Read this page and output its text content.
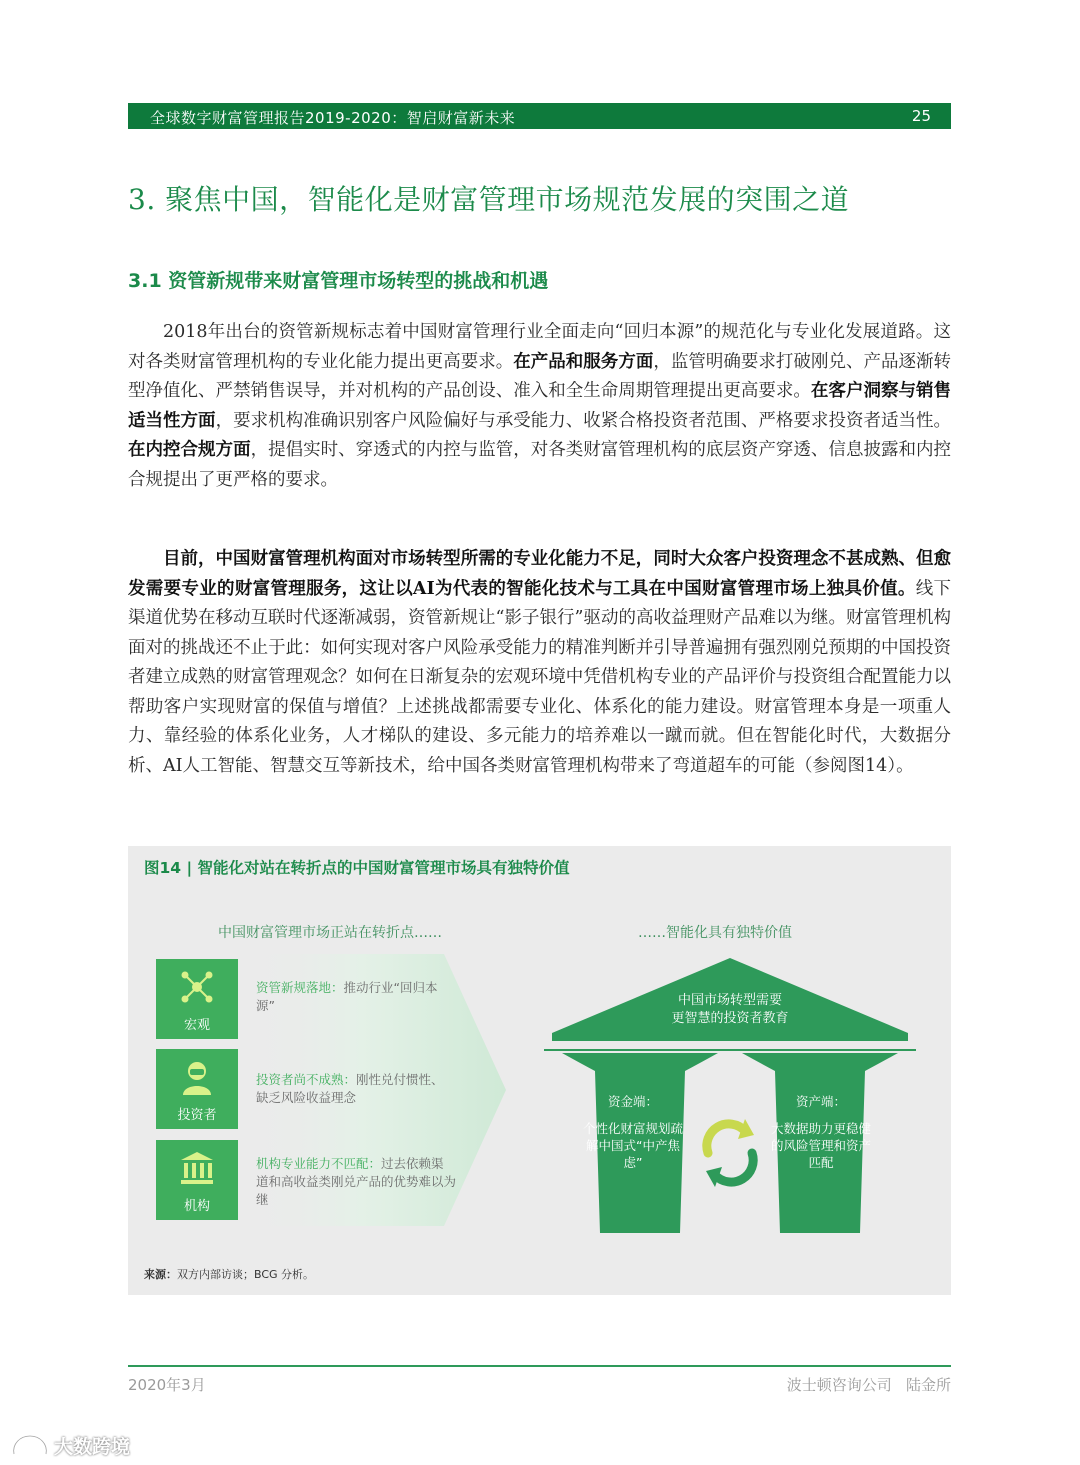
全球数字财富管理报告2019-2020：智启财富新未来	25
3. 聚焦中国，智能化是财富管理市场规范发展的突围之道
3.1 资管新规带来财富管理市场转型的挑战和机遇

2018年出台的资管新规标志着中国财富管理行业全面走向“回归本源”的规范化与专业化发展道路。这对各类财富管理机构的专业化能力提出更高要求。在产品和服务方面，监管明确要求打破刚兑、产品逐渐转型净值化、严禁销售误导，并对机构的产品创设、准入和全生命周期管理提出更高要求。在客户洞察与销售适当性方面，要求机构准确识别客户风险偏好与承受能力、收紧合格投资者范围、严格要求投资者适当性。在内控合规方面，提倡实时、穿透式的内控与监管，对各类财富管理机构的底层资产穿透、信息披露和内控合规提出了更严格的要求。

目前，中国财富管理机构面对市场转型所需的专业化能力不足，同时大众客户投资理念不甚成熟、但愈发需要专业的财富管理服务，这让以AI为代表的智能化技术与工具在中国财富管理市场上独具价值。线下渠道优势在移动互联时代逐渐减弱，资管新规让“影子银行”驱动的高收益理财产品难以为继。财富管理机构面对的挑战还不止于此：如何实现对客户风险承受能力的精准判断并引导普遍拥有强烈刚兑预期的中国投资者建立成熟的财富管理观念？如何在日渐复杂的宏观环境中凭借机构专业的产品评价与投资组合配置能力以帮助客户实现财富的保值与增值？上述挑战都需要专业化、体系化的能力建设。财富管理本身是一项重人力、靠经验的体系化业务，人才梯队的建设、多元能力的培养难以一蹴而就。但在智能化时代，大数据分析、AI人工智能、智慧交互等新技术，给中国各类财富管理机构带来了弯道超车的可能（参阅图14）。

图14 | 智能化对站在转折点的中国财富管理市场具有独特价值
中国财富管理市场正站在转折点……	……智能化具有独特价值
宏观
投资者
机构
资管新规落地：推动行业“回归本源”
投资者尚不成熟：刚性兑付惯性、缺乏风险收益理念
机构专业能力不匹配：过去依赖渠道和高收益类刚兑产品的优势难以为继
中国市场转型需要
更智慧的投资者教育
资金端：
个性化财富规划疏解中国式“中产焦虑”
资产端：
大数据助力更稳健的风险管理和资产匹配
来源：双方内部访谈；BCG 分析。
2020年3月	波士顿咨询公司   陆金所
大数跨境
